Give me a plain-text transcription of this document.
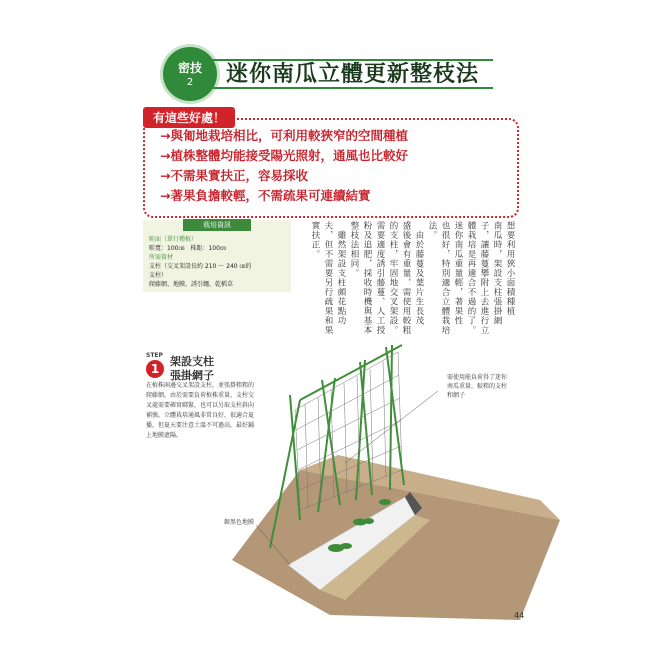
密技
2	迷你南瓜立體更新整枝法
有這些好處！
→與匍地栽培相比，可利用較狹窄的空間種植
→植株整體均能接受陽光照射，通風也比較好
→不需果實扶正，容易採收
→著果負擔較輕，不需疏果可連續結實
栽培資訊
畦面（單行種植）
畦寬：100㎝　株距：100㎝
所需資材
支柱（交叉架設長約 210 ～ 240 ㎝的
支柱）
爬藤網、地膜、誘引繩、乾稻草	想要利用狹小面積種植
南瓜時，架設支柱張掛網
子，讓藤蔓攀附上去進行立
體栽培是再適合不過的了。
迷你南瓜重量輕，著果性
也很好，特別適合立體栽培
法。
　由於藤蔓及葉片生長茂
盛後會有重量，需使用較粗
的支柱，牢固地交叉架設。
需要適度誘引藤蔓、人工授
粉及追肥，採收時機與基本
整枝法相同。
　雖然架設支柱頗花點功
夫，但不需要另行疏果和果
實扶正。
STEP
1
架設支柱
張掛網子
在植株兩邊交叉架設支柱，並張掛粗粗的
爬藤網。由於需要負荷植株重量，支柱交
叉處需要確實綁緊，也可以另取支柱斜向
補強。立體栽培通風非常良好，很適合夏
播，但夏天要注意土溫不可過高，最好鋪
上地膜遮陽。
需使用能負荷得了迷你
南瓜重量，較粗的支柱
和網子
銀黑色地膜
44
